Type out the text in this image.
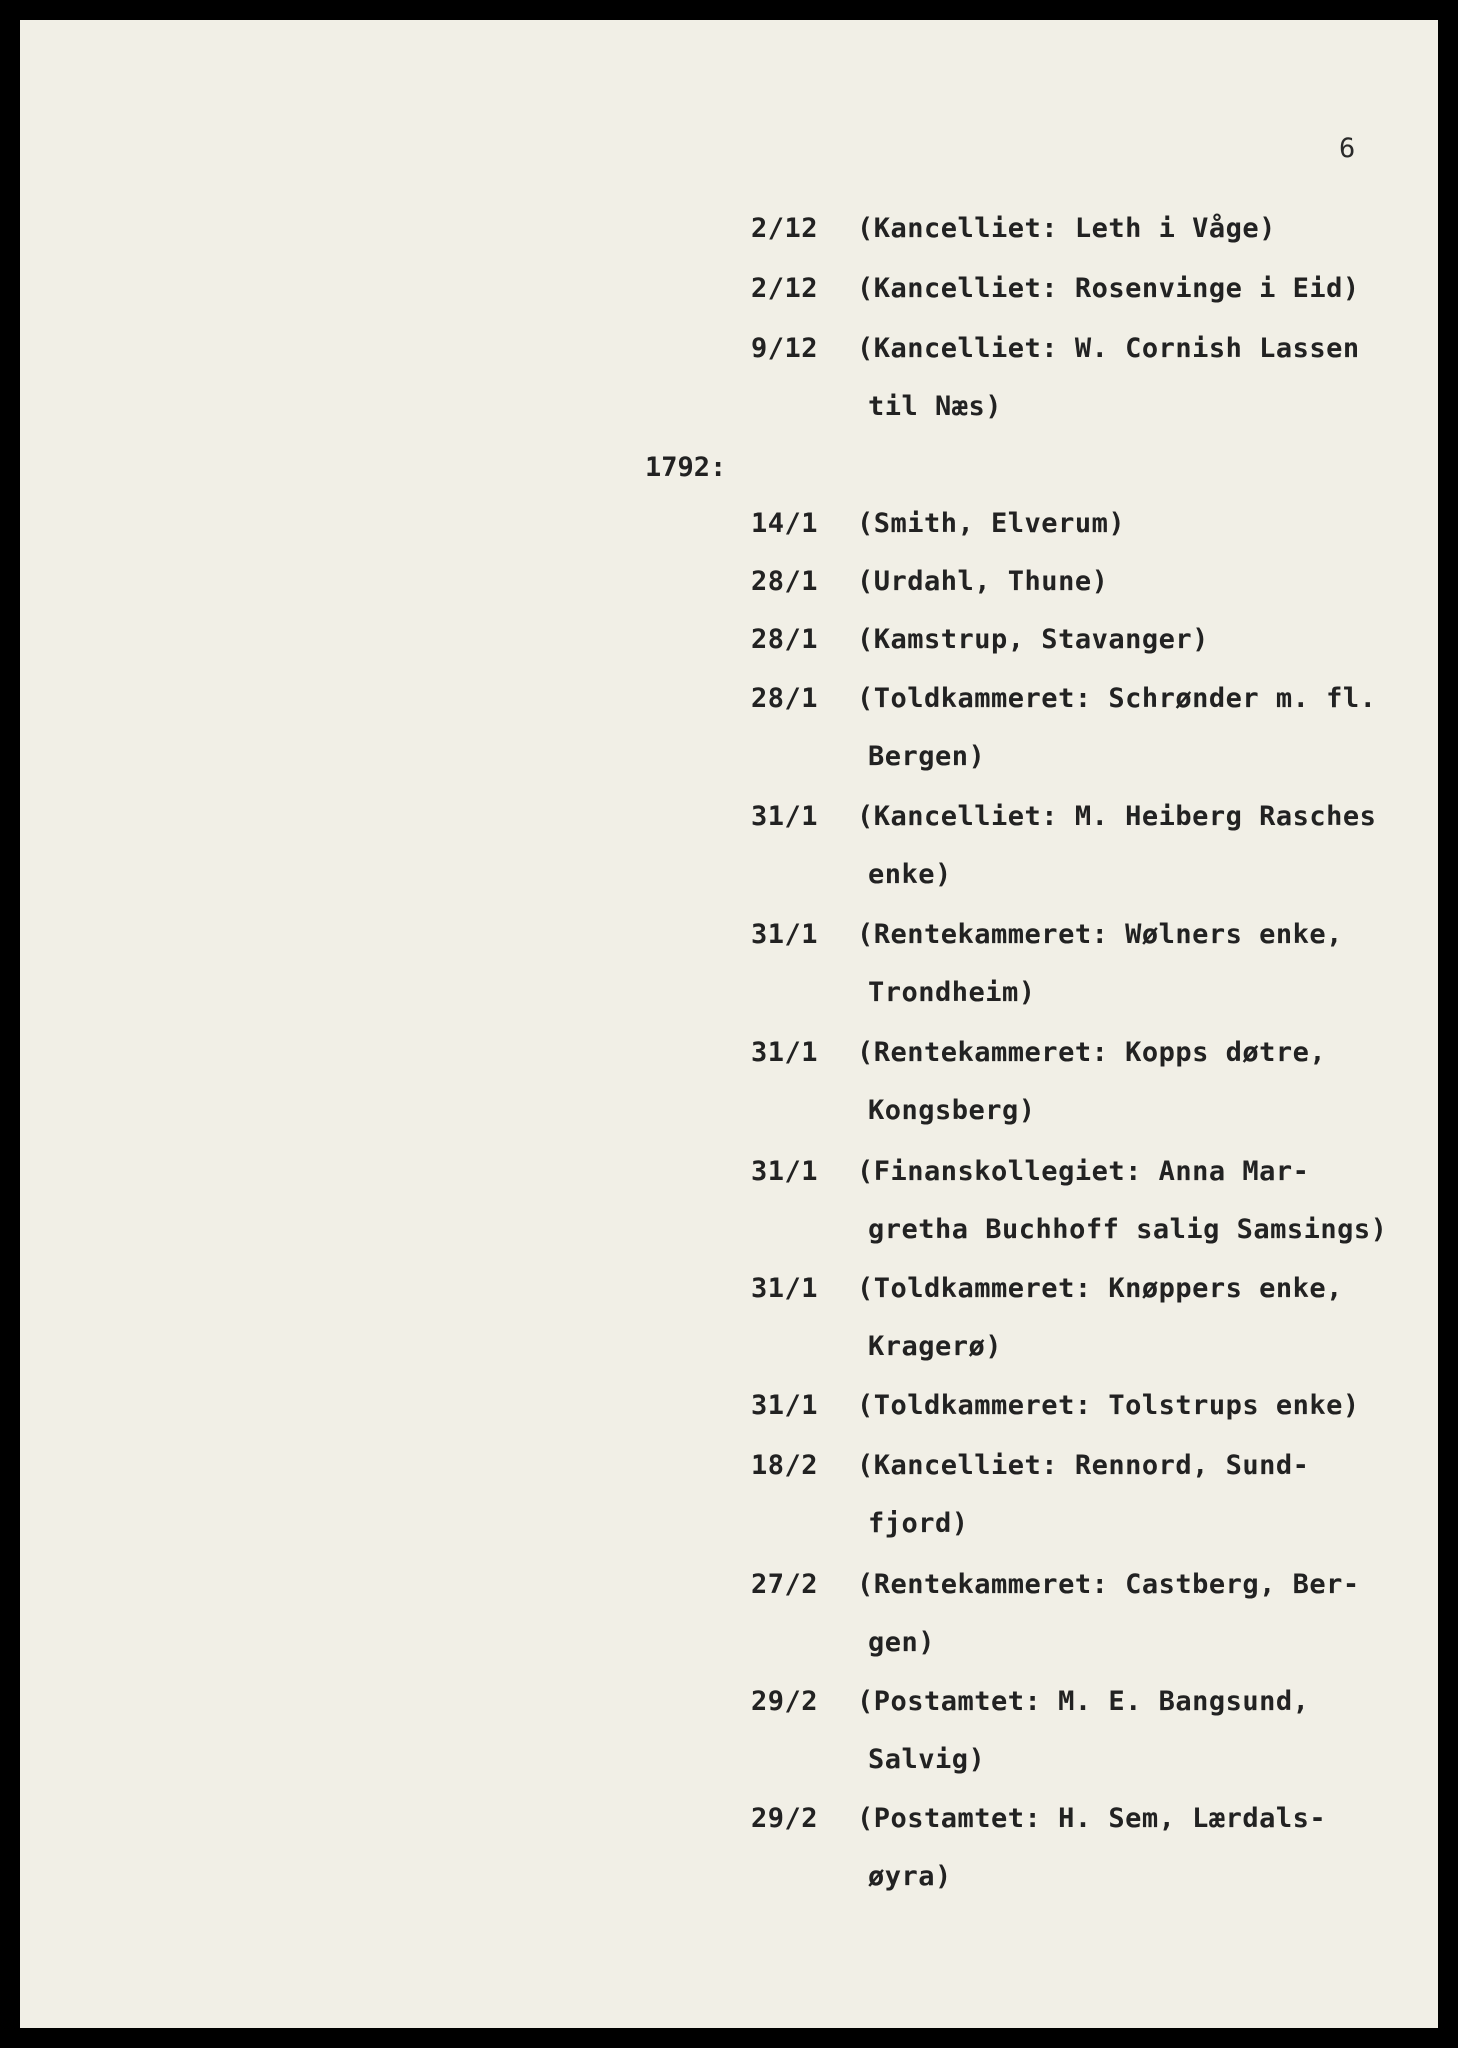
6
2/12 (Kancelliet: Leth i Våge)
2/12 (Kancelliet: Rosenvinge i Eid)
9/12 (Kancelliet: W. Cornish Lassen
til Næs)
1792:
14/1 (Smith, Elverum)
28/1 (Urdahl, Thune)
28/1 (Kamstrup, Stavanger)
28/1 (Toldkammeret: Schrønder m. fl.
Bergen)
31/1 (Kancelliet: M. Heiberg Rasches
enke)
31/1 (Rentekammeret: Wølners enke,
Trondheim)
31/1 (Rentekammeret: Kopps døtre,
Kongsberg)
31/1 (Finanskollegiet: Anna Mar-
gretha Buchhoff salig Samsings)
31/1 (Toldkammeret: Knøppers enke,
Kragerø)
31/1 (Toldkammeret: Tolstrups enke)
18/2 (Kancelliet: Rennord, Sund-
fjord)
27/2 (Rentekammeret: Castberg, Ber-
gen)
29/2 (Postamtet: M. E. Bangsund,
Salvig)
29/2 (Postamtet: H. Sem, Lærdals-
øyra)
